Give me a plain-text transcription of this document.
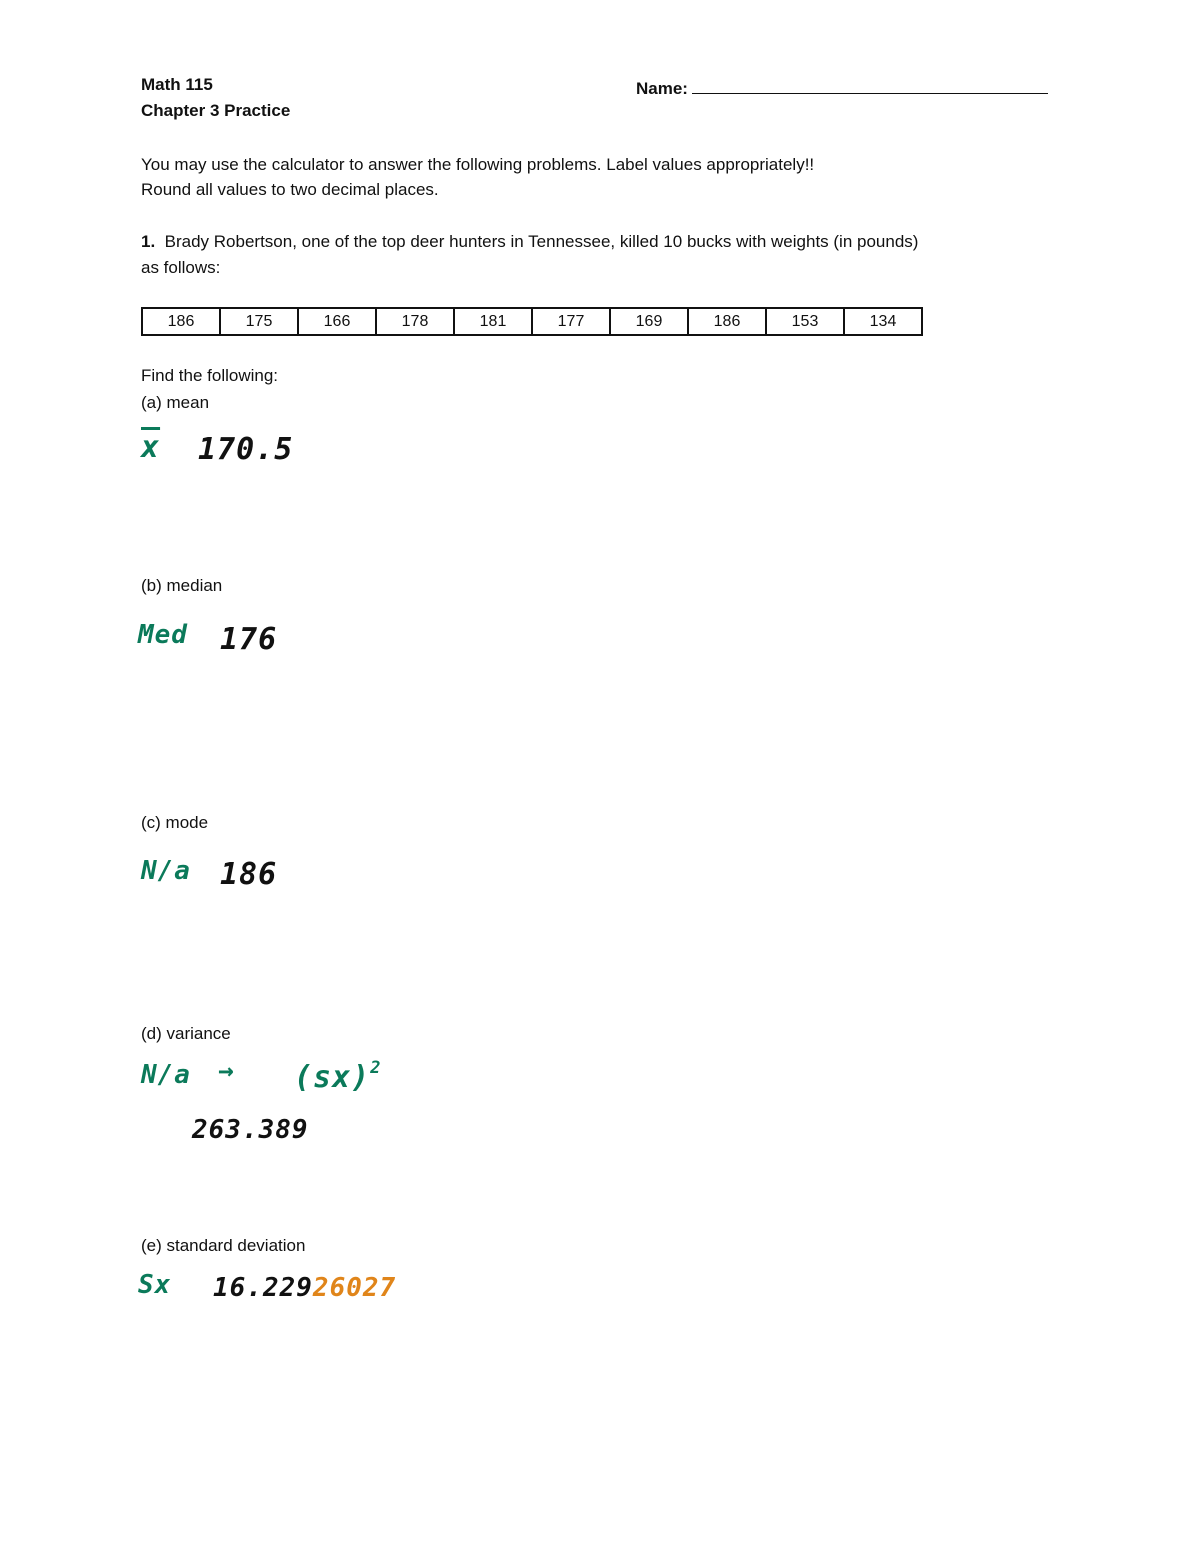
Math 115
Chapter 3 Practice
Name:
You may use the calculator to answer the following problems. Label values appropriately!!
Round all values to two decimal places.
1. Brady Robertson, one of the top deer hunters in Tennessee, killed 10 bucks with weights (in pounds)
as follows:
186	175	166	178	181	177	169	186	153	134
Find the following:
(a) mean
$\overline{x}$ 170.5
(b) median
Med 176
(c) mode
N/a 186
(d) variance
N/a → (sx)$^2$
263.389
(e) standard deviation
Sx 16.22926027
